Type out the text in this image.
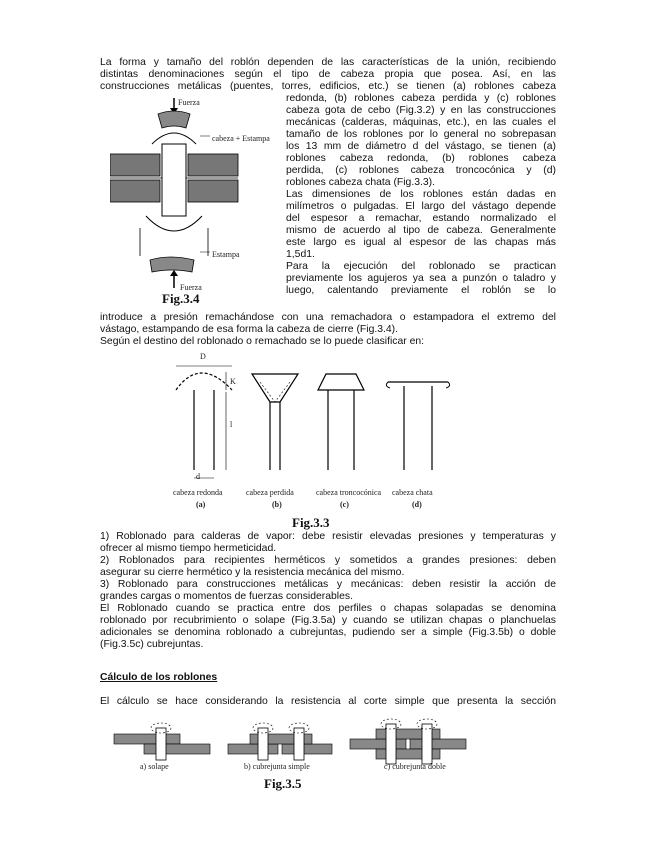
La forma y tamaño del roblón dependen de las características de la unión, recibiendo
distintas denominaciones según el tipo de cabeza propia que posea. Así, en las
construcciones metálicas (puentes, torres, edificios, etc.) se tienen (a) roblones cabeza
redonda, (b) roblones cabeza perdida y (c) roblones
cabeza gota de cebo (Fig.3.2) y en las construcciones
mecánicas (calderas, máquinas, etc.), en las cuales el
tamaño de los roblones por lo general no sobrepasan
los 13 mm de diámetro d del vástago, se tienen (a)
roblones cabeza redonda, (b) roblones cabeza
perdida, (c) roblones cabeza troncocónica y (d)
roblones cabeza chata (Fig.3.3).
Las dimensiones de los roblones están dadas en
milímetros o pulgadas. El largo del vástago depende
del espesor a remachar, estando normalizado el
mismo de acuerdo al tipo de cabeza. Generalmente
este largo es igual al espesor de las chapas más
1,5d1.
Para la ejecución del roblonado se practican
previamente los agujeros ya sea a punzón o taladro y
luego, calentando previamente el roblón se lo
Fuerza
cabeza + Estampa
Estampa
Fuerza
Fig.3.4
introduce a presión remachándose con una remachadora o estampadora el extremo del
vástago, estampando de esa forma la cabeza de cierre (Fig.3.4).
Según el destino del roblonado o remachado se lo puede clasificar en:
D
K
l
d
cabeza redonda
(a)
cabeza perdida
(b)
cabeza troncocónica
(c)
cabeza chata
(d)
Fig.3.3
1) Roblonado para calderas de vapor: debe resistir elevadas presiones y temperaturas y
ofrecer al mismo tiempo hermeticidad.
2) Roblonados para recipientes herméticos y sometidos a grandes presiones: deben
asegurar su cierre hermético y la resistencia mecánica del mismo.
3) Roblonado para construcciones metálicas y mecánicas: deben resistir la acción de
grandes cargas o momentos de fuerzas considerables.
El Roblonado cuando se practica entre dos perfiles o chapas solapadas se denomina
roblonado por recubrimiento o solape (Fig.3.5a) y cuando se utilizan chapas o planchuelas
adicionales se denomina roblonado a cubrejuntas, pudiendo ser a simple (Fig.3.5b) o doble
(Fig.3.5c) cubrejuntas.
Cálculo de los roblones
El cálculo se hace considerando la resistencia al corte simple que presenta la sección
a) solape	b) cubrejunta simple	c) cubrejunta doble
Fig.3.5
